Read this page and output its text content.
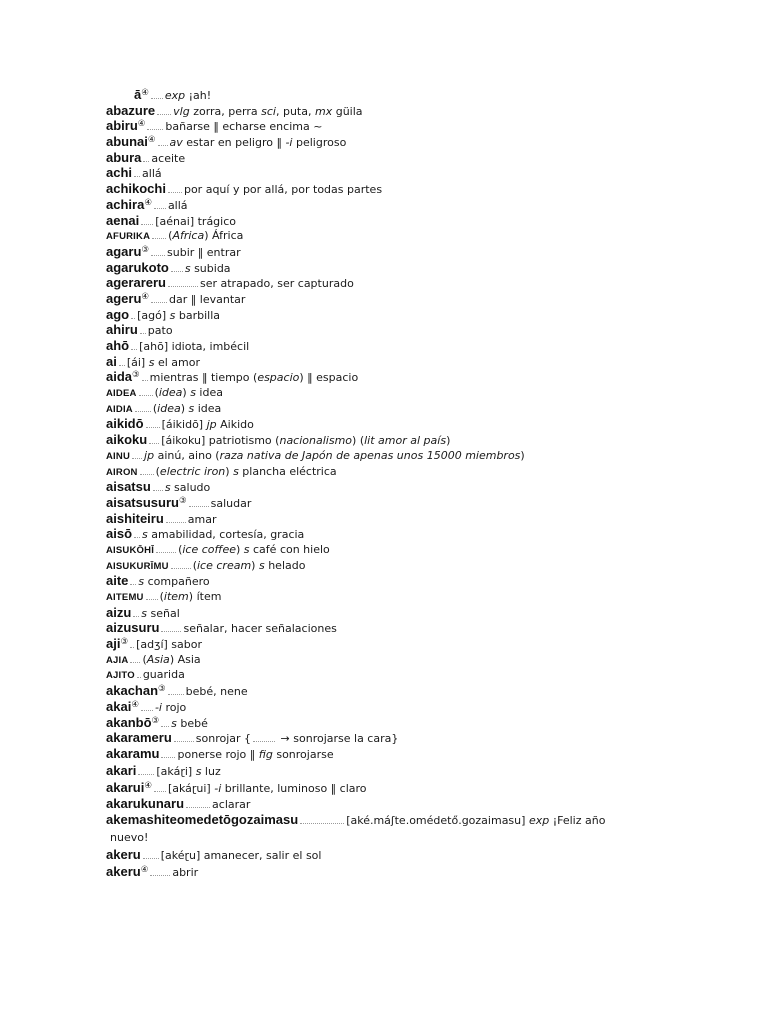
ā④ exp ¡ah!
abazure vlg zorra, perra sci, puta, mx güila
abiru④ bañarse ‖ echarse encima ~
abunai④ av estar en peligro ‖ -i peligroso
abura aceite
achi allá
achikochi por aquí y por allá, por todas partes
achira④ allá
aenai [aénai] trágico
AFURIKA (Africa) África
agaru③ subir ‖ entrar
agarukoto s subida
agerareru	ser atrapado, ser capturado
ageru④ dar ‖ levantar
ago [agó] s barbilla
ahiru pato
ahō [ahō] idiota, imbécil
ai [ái] s el amor
aida③ mientras ‖ tiempo (espacio) ‖ espacio
AIDEA (idea) s idea
AIDIA (idea) s idea
aikidō [áikidō] jp Aikido
aikoku [áikoku] patriotismo (nacionalismo) (lit amor al país)
AINU jp ainú, aino (raza nativa de Japón de apenas unos 15000 miembros)
AIRON (electric iron) s plancha eléctrica
aisatsu s saludo
aisatsusuru③ saludar
aishiteiru amar
aisō s amabilidad, cortesía, gracia
AISUKŌHĪ (ice coffee) s café con hielo
AISUKURĪMU (ice cream) s helado
aite s compañero
AITEMU (item) ítem
aizu s señal
aizusuru señalar, hacer señalaciones
aji③ [adʒí] sabor
AJIA (Asia) Asia
AJITO guarida
akachan③ bebé, nene
akai④ -i rojo
akanbō③ s bebé
akarameru sonrojar { → sonrojarse la cara}
akaramu ponerse rojo ‖ fig sonrojarse
akari [akáɽi] s luz
akarui④ [akáɽui] -i brillante, luminoso ‖ claro
akarukunaru	aclarar
akemashiteomedetōgozaimasu	[aké.máʃte.omédető.gozaimasu] exp ¡Feliz año
nuevo!
akeru [akéɽu] amanecer, salir el sol
akeru④ abrir
